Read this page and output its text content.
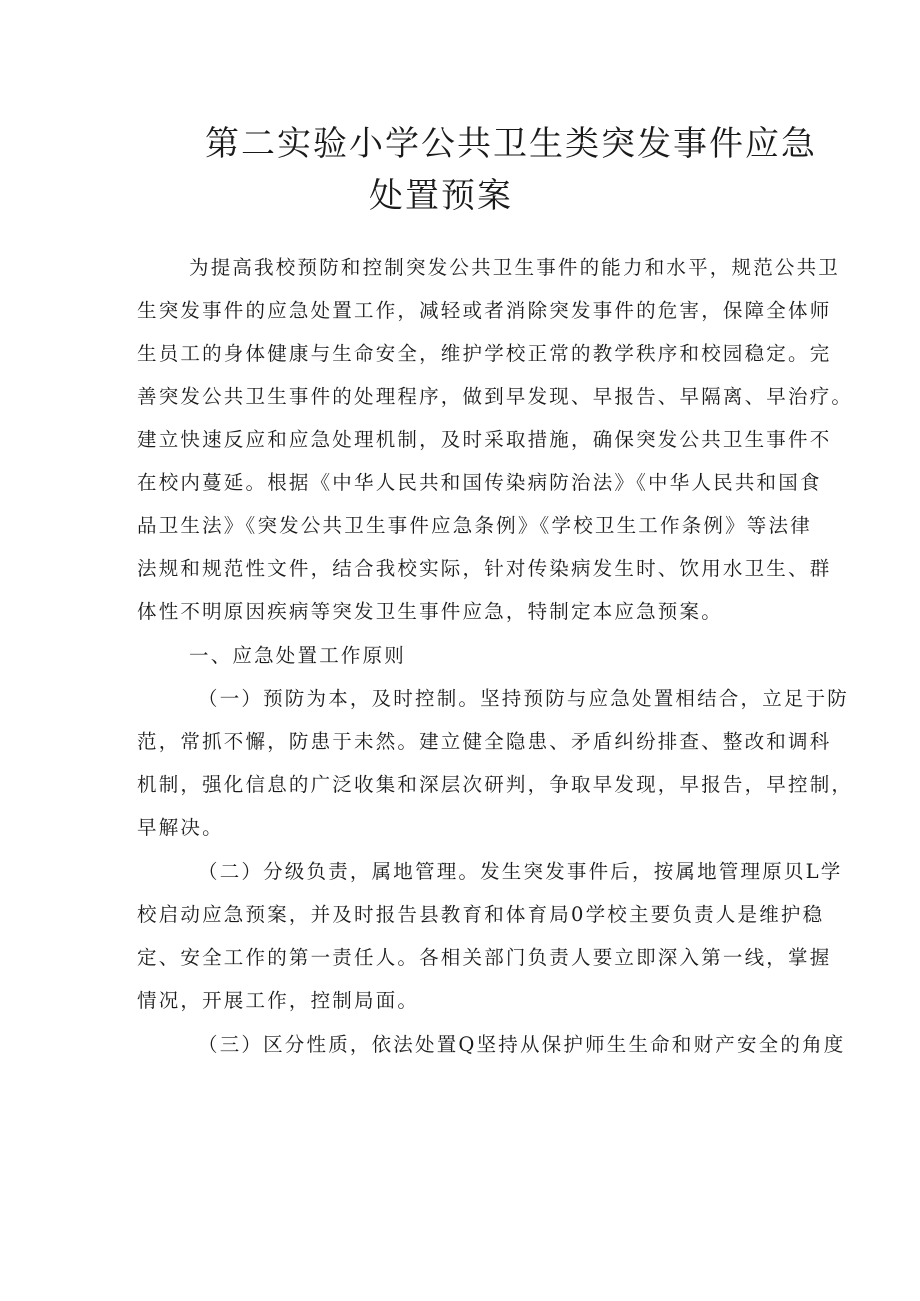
第二实验小学公共卫生类突发事件应急
处置预案

为提高我校预防和控制突发公共卫生事件的能力和水平，规范公共卫

生突发事件的应急处置工作，减轻或者消除突发事件的危害，保障全体师

生员工的身体健康与生命安全，维护学校正常的教学秩序和校园稳定。完

善突发公共卫生事件的处理程序，做到早发现、早报告、早隔离、早治疗。

建立快速反应和应急处理机制，及时采取措施，确保突发公共卫生事件不

在校内蔓延。根据《中华人民共和国传染病防治法》《中华人民共和国食

品卫生法》《突发公共卫生事件应急条例》《学校卫生工作条例》等法律

法规和规范性文件，结合我校实际，针对传染病发生时、饮用水卫生、群

体性不明原因疾病等突发卫生事件应急，特制定本应急预案。

一、应急处置工作原则

（一）预防为本，及时控制。坚持预防与应急处置相结合，立足于防

范，常抓不懈，防患于未然。建立健全隐患、矛盾纠纷排查、整改和调科

机制，强化信息的广泛收集和深层次研判，争取早发现，早报告，早控制，

早解决。

（二）分级负责，属地管理。发生突发事件后，按属地管理原贝L学

校启动应急预案，并及时报告县教育和体育局0学校主要负责人是维护稳

定、安全工作的第一责任人。各相关部门负责人要立即深入第一线，掌握

情况，开展工作，控制局面。

（三）区分性质，依法处置Q坚持从保护师生生命和财产安全的角度
